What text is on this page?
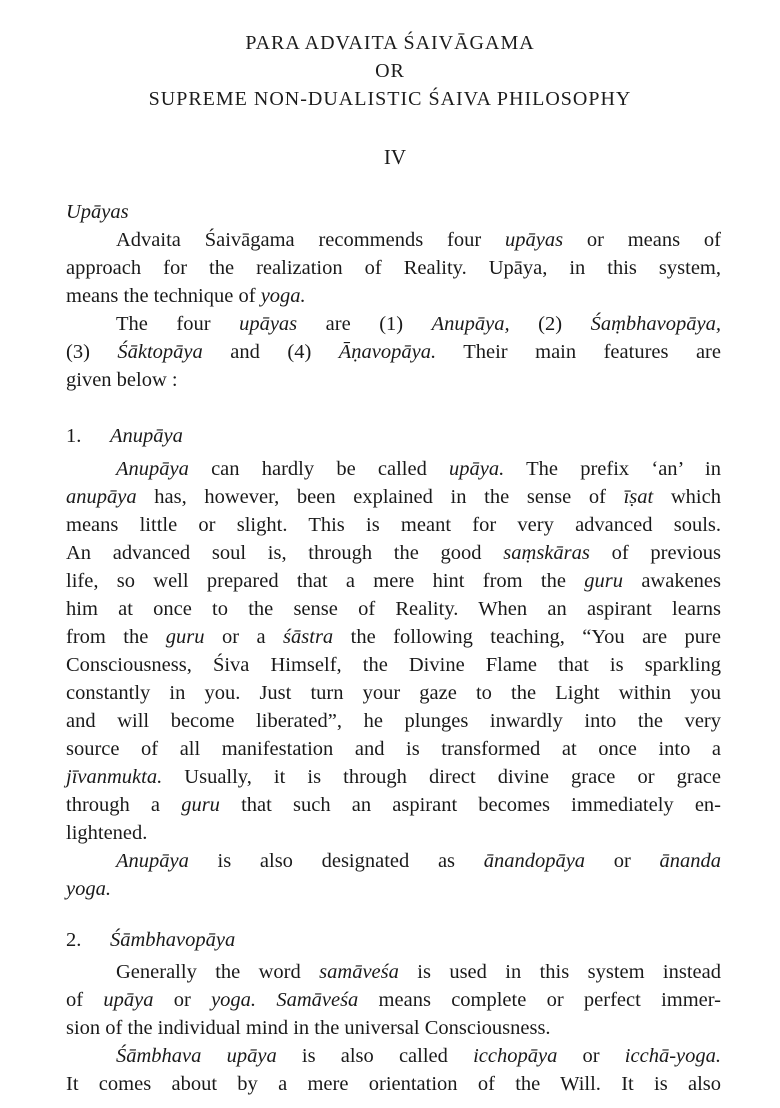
PARA ADVAITA ŚAIVĀGAMA
OR
SUPREME NON-DUALISTIC ŚAIVA PHILOSOPHY
IV
Upāyas
Advaita Śaivāgama recommends four upāyas or means of
approach for the realization of Reality. Upāya, in this system,
means the technique of yoga.
The four upāyas are (1) Anupāya, (2) Śaṃbhavopāya,
(3) Śāktopāya and (4) Āṇavopāya. Their main features are
given below :
1. Anupāya
Anupāya can hardly be called upāya. The prefix ‘an’ in
anupāya has, however, been explained in the sense of īṣat which
means little or slight. This is meant for very advanced souls.
An advanced soul is, through the good saṃskāras of previous
life, so well prepared that a mere hint from the guru awakenes
him at once to the sense of Reality. When an aspirant learns
from the guru or a śāstra the following teaching, “You are pure
Consciousness, Śiva Himself, the Divine Flame that is sparkling
constantly in you. Just turn your gaze to the Light within you
and will become liberated”, he plunges inwardly into the very
source of all manifestation and is transformed at once into a
jīvanmukta. Usually, it is through direct divine grace or grace
through a guru that such an aspirant becomes immediately en-
lightened.
Anupāya is also designated as ānandopāya or ānanda
yoga.
2. Śāmbhavopāya
Generally the word samāveśa is used in this system instead
of upāya or yoga. Samāveśa means complete or perfect immer-
sion of the individual mind in the universal Consciousness.
Śāmbhava upāya is also called icchopāya or icchā-yoga.
It comes about by a mere orientation of the Will. It is also
